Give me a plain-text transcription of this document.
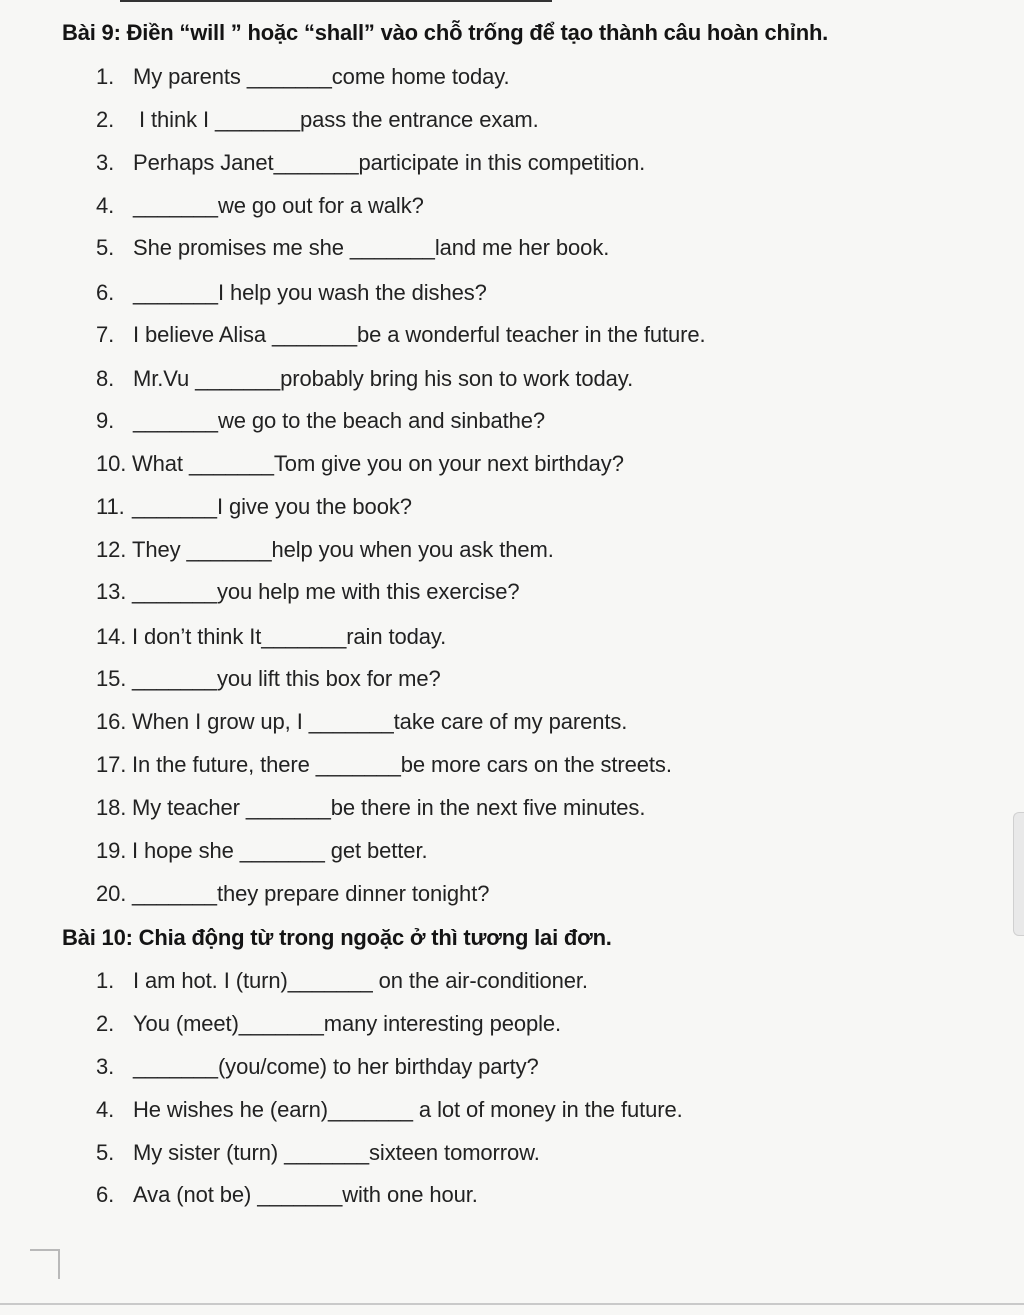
Bài 9: Điền “will ” hoặc “shall” vào chỗ trống để tạo thành câu hoàn chỉnh.
1. My parents _______come home today.
2. I think I _______pass the entrance exam.
3. Perhaps Janet_______participate in this competition.
4. _______we go out for a walk?
5. She promises me she _______land me her book.
6. _______I help you wash the dishes?
7. I believe Alisa _______be a wonderful teacher in the future.
8. Mr.Vu _______probably bring his son to work today.
9. _______we go to the beach and sinbathe?
10. What _______Tom give you on your next birthday?
11. _______I give you the book?
12. They _______help you when you ask them.
13. _______you help me with this exercise?
14. I don’t think It_______rain today.
15. _______you lift this box for me?
16. When I grow up, I _______take care of my parents.
17. In the future, there _______be more cars on the streets.
18. My teacher _______be there in the next five minutes.
19. I hope she _______ get better.
20. _______they prepare dinner tonight?
Bài 10: Chia động từ trong ngoặc ở thì tương lai đơn.
1. I am hot. I (turn)_______ on the air-conditioner.
2. You (meet)_______many interesting people.
3. _______(you/come) to her birthday party?
4. He wishes he (earn)_______ a lot of money in the future.
5. My sister (turn) _______sixteen tomorrow.
6. Ava (not be) _______with one hour.
